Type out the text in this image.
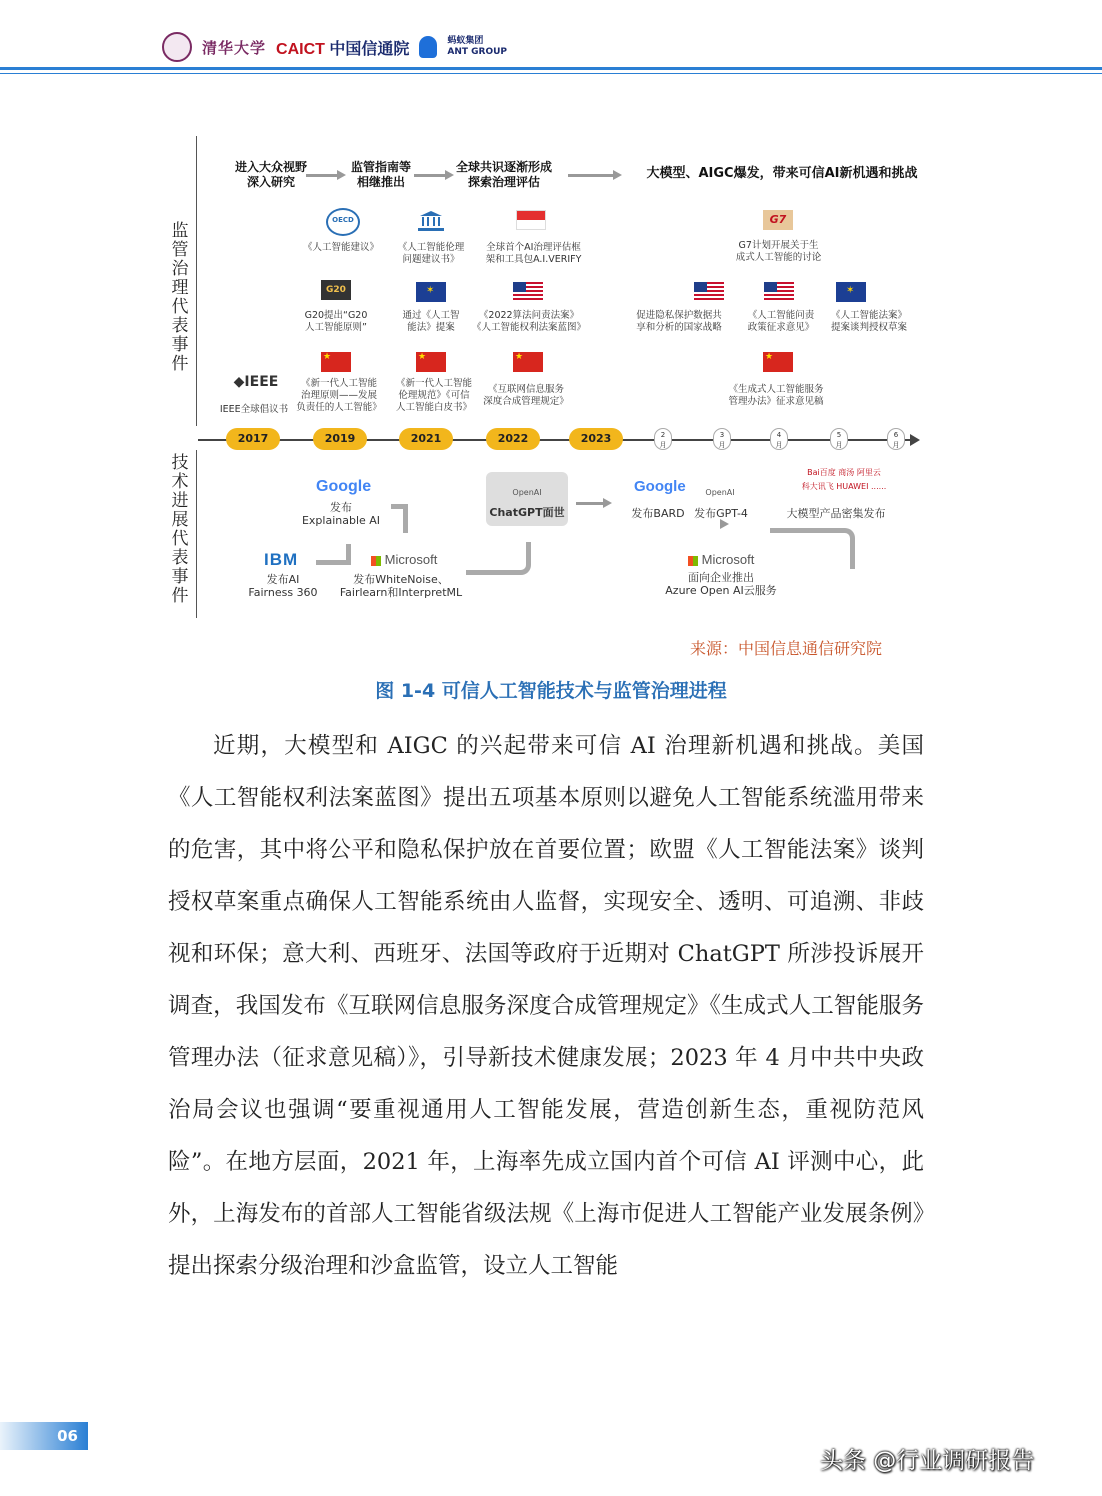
清华大学 CAICT 中国信通院	蚂蚁集团
ANT GROUP
监管治理代表事件
技术进展代表事件
进入大众视野
深入研究
监管指南等
相继推出
全球共识逐渐形成
探索治理评估
大模型、AIGC爆发，带来可信AI新机遇和挑战
OECD
《人工智能建议》	《人工智能伦理
问题建议书》
全球首个AI治理评估框
架和工具包A.I.VERIFY
G7
G7计划开展关于生
成式人工智能的讨论
G20
G20提出“G20
人工智能原则”
✶
通过《人工智
能法》提案
《2022算法问责法案》
《人工智能权利法案蓝图》
促进隐私保护数据共
享和分析的国家战略
《人工智能问责
政策征求意见》
✶
《人工智能法案》
提案谈判授权草案
◆IEEE
IEEE全球倡议书
★
《新一代人工智能
治理原则——发展
负责任的人工智能》
★
《新一代人工智能
伦理规范》《可信
人工智能白皮书》
★
《互联网信息服务
深度合成管理规定》
★
《生成式人工智能服务
管理办法》征求意见稿
2017	2019	2021	2022	2023	2
月
3
月
4
月
5
月
6
月
Google
发布
Explainable AI
IBM
发布AI
Fairness 360
Microsoft
发布WhiteNoise、
Fairlearn和InterpretML
OpenAI
ChatGPT面世
Google
发布BARD
OpenAI
发布GPT-4
Microsoft
面向企业推出
Azure Open AI云服务
Bai百度 商汤 阿里云
科大讯飞 HUAWEI ......
大模型产品密集发布
来源：中国信息通信研究院
图 1-4 可信人工智能技术与监管治理进程

近期，大模型和 AIGC 的兴起带来可信 AI 治理新机遇和挑战。美国《人工智能权利法案蓝图》提出五项基本原则以避免人工智能系统滥用带来的危害，其中将公平和隐私保护放在首要位置；欧盟《人工智能法案》谈判授权草案重点确保人工智能系统由人监督，实现安全、透明、可追溯、非歧视和环保；意大利、西班牙、法国等政府于近期对 ChatGPT 所涉投诉展开调查，我国发布《互联网信息服务深度合成管理规定》《生成式人工智能服务管理办法（征求意见稿）》，引导新技术健康发展；2023 年 4 月中共中央政治局会议也强调“要重视通用人工智能发展，营造创新生态，重视防范风险”。在地方层面，2021 年，上海率先成立国内首个可信 AI 评测中心，此外，上海发布的首部人工智能省级法规《上海市促进人工智能产业发展条例》提出探索分级治理和沙盒监管，设立人工智能

06
头条 @行业调研报告
